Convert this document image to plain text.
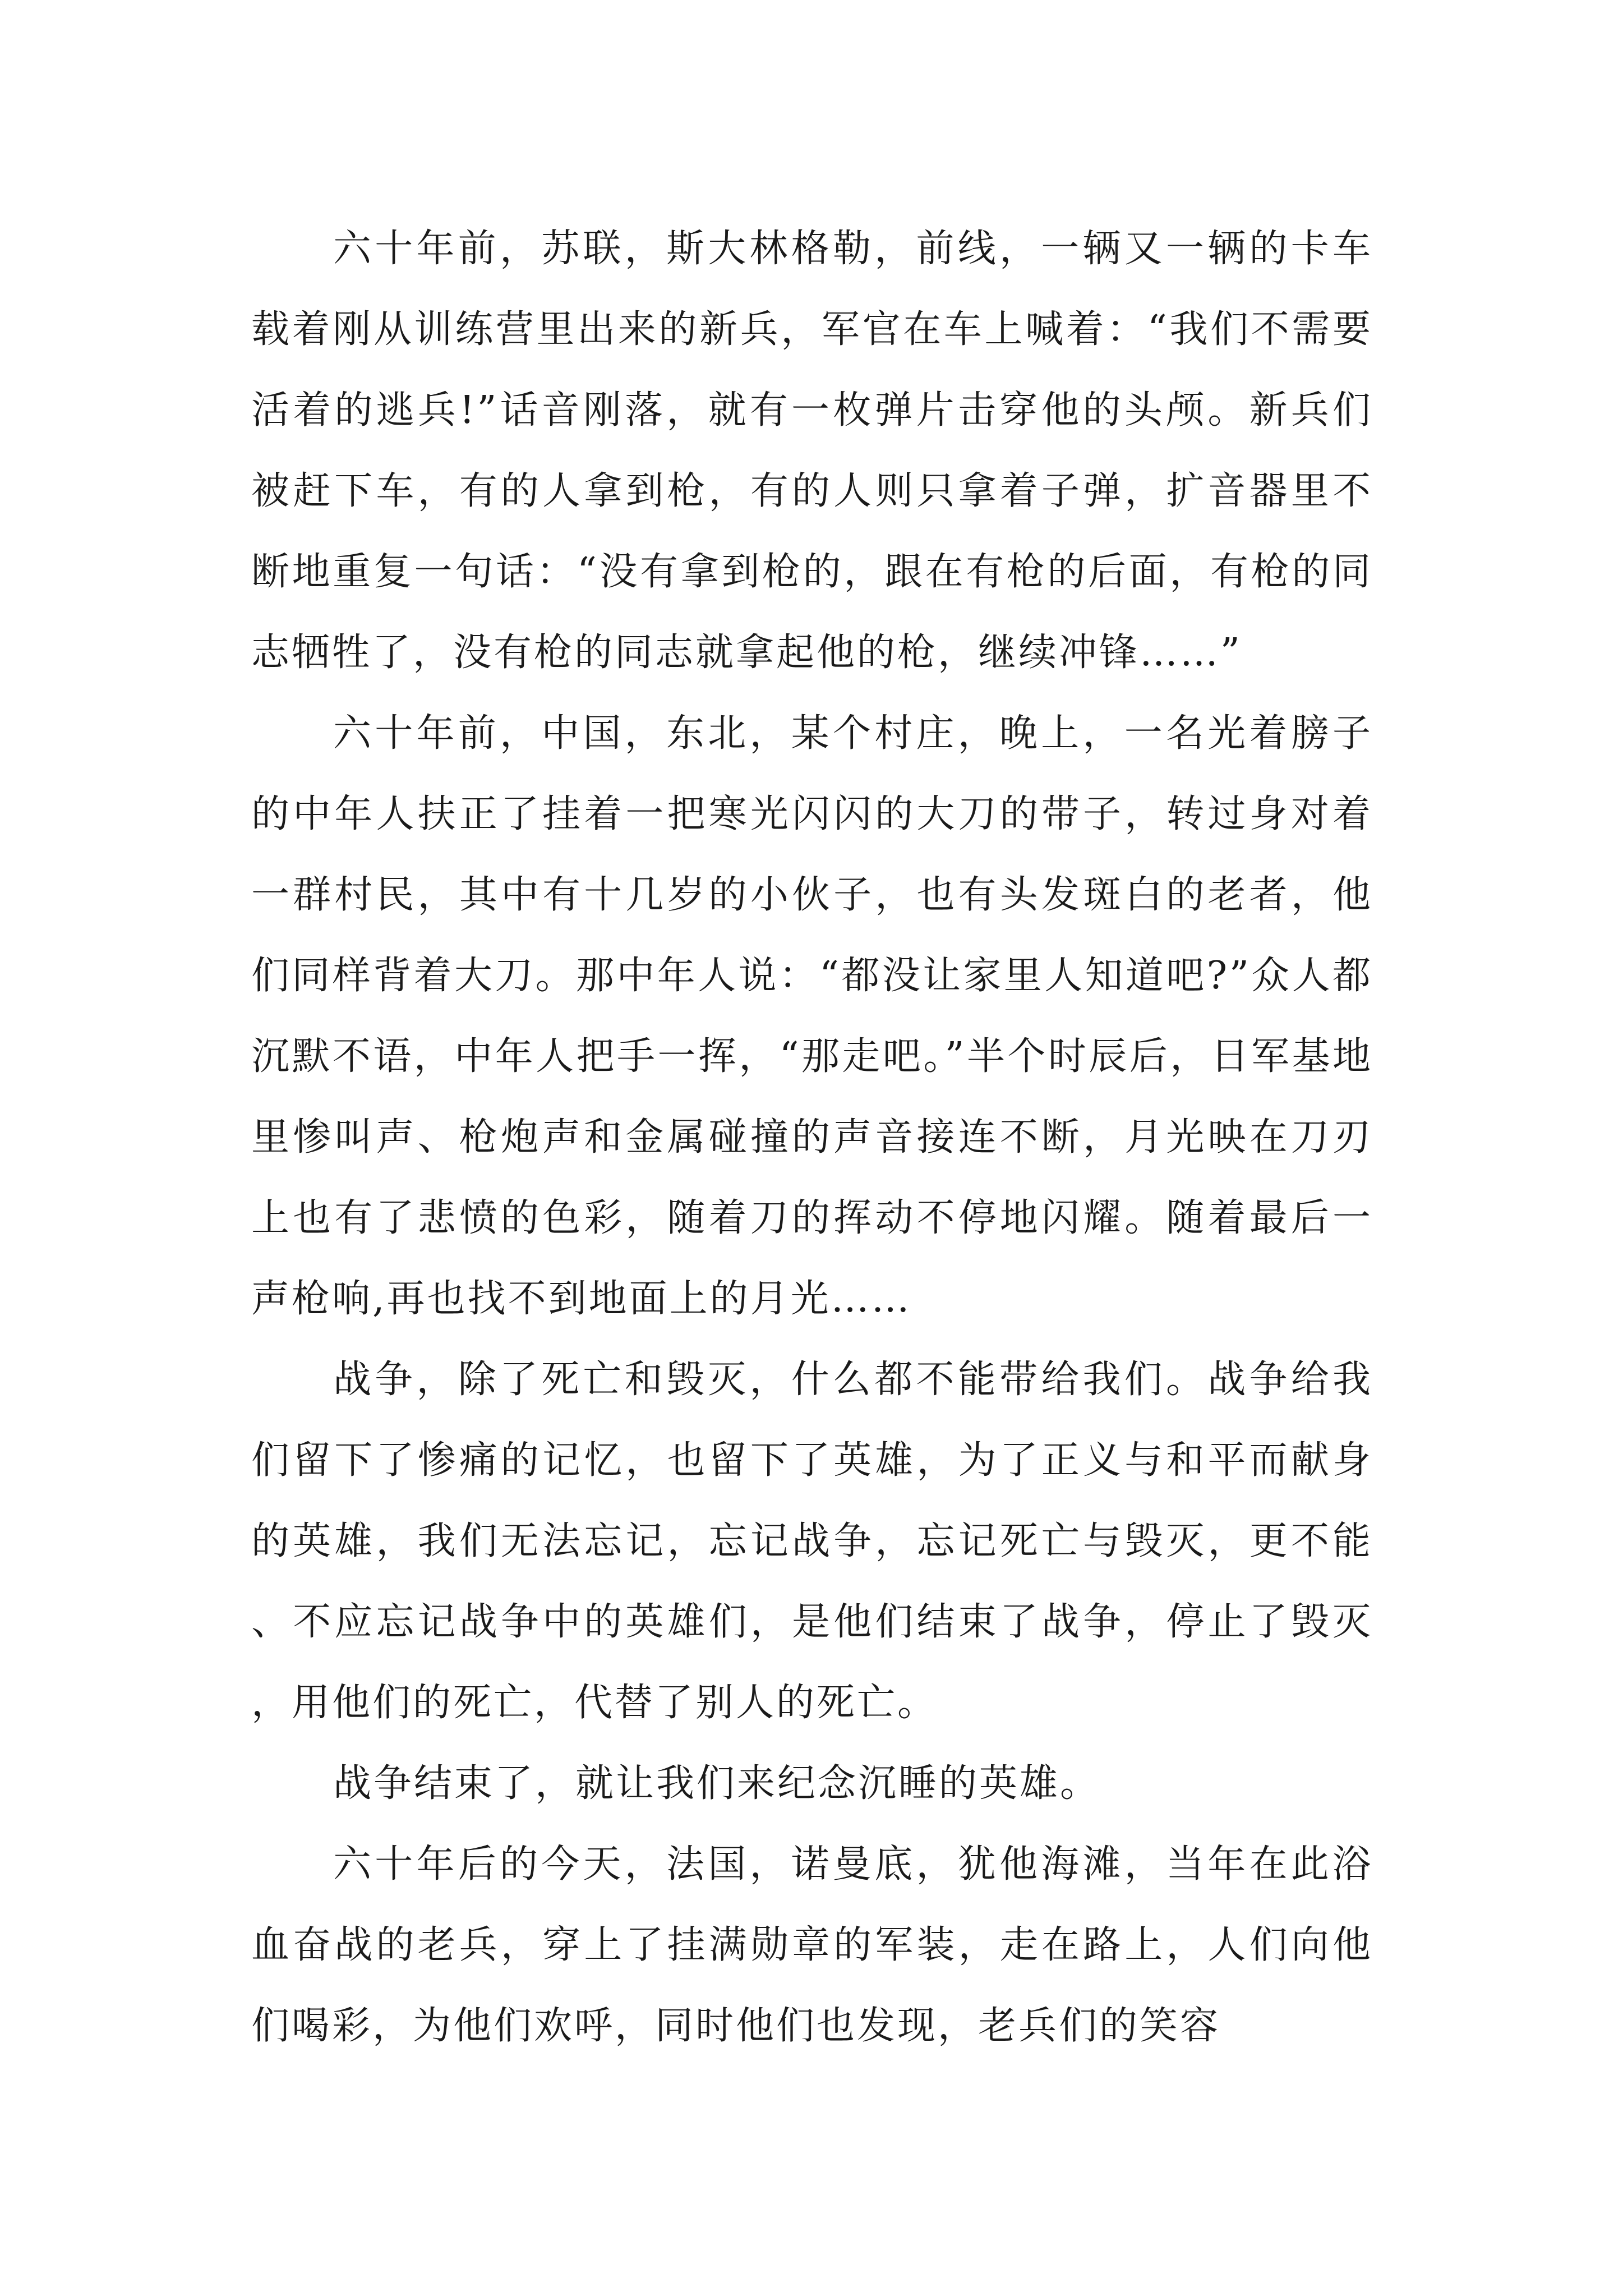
六十年前，苏联，斯大林格勒，前线，一辆又一辆的卡车载着刚从训练营里出来的新兵，军官在车上喊着：“我们不需要活着的逃兵!”话音刚落，就有一枚弹片击穿他的头颅。新兵们被赶下车，有的人拿到枪，有的人则只拿着子弹，扩音器里不断地重复一句话：“没有拿到枪的，跟在有枪的后面，有枪的同志牺牲了，没有枪的同志就拿起他的枪，继续冲锋……”

六十年前，中国，东北，某个村庄，晚上，一名光着膀子的中年人扶正了挂着一把寒光闪闪的大刀的带子，转过身对着一群村民，其中有十几岁的小伙子，也有头发斑白的老者，他们同样背着大刀。那中年人说：“都没让家里人知道吧?”众人都沉默不语，中年人把手一挥，“那走吧。”半个时辰后，日军基地里惨叫声、枪炮声和金属碰撞的声音接连不断，月光映在刀刃上也有了悲愤的色彩，随着刀的挥动不停地闪耀。随着最后一声枪响,再也找不到地面上的月光……

战争，除了死亡和毁灭，什么都不能带给我们。战争给我们留下了惨痛的记忆，也留下了英雄，为了正义与和平而献身的英雄，我们无法忘记，忘记战争，忘记死亡与毁灭，更不能、不应忘记战争中的英雄们，是他们结束了战争，停止了毁灭，用他们的死亡，代替了别人的死亡。

战争结束了，就让我们来纪念沉睡的英雄。

六十年后的今天，法国，诺曼底，犹他海滩，当年在此浴血奋战的老兵，穿上了挂满勋章的军装，走在路上，人们向他们喝彩，为他们欢呼，同时他们也发现，老兵们的笑容
